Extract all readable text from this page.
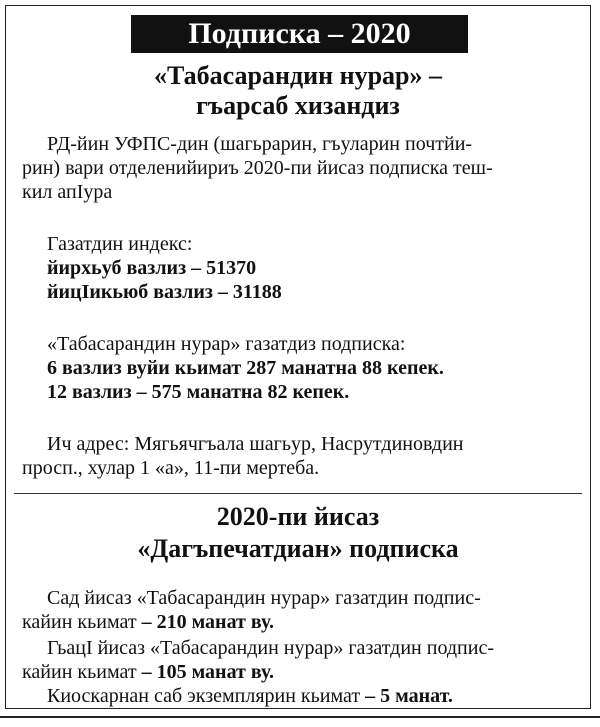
Подписка – 2020
«Табасарандин нурар» –
гъарсаб хизандиз
РД-йин УФПС-дин (шагьрарин, гъуларин почтйи-
рин) вари отделенийириъ 2020-пи йисаз подписка теш-
кил апIура
Газатдин индекс:
йирхьуб вазлиз – 51370
йицIикьюб вазлиз – 31188
«Табасарандин нурар» газатдиз подписка:
6 вазлиз вуйи кьимат 287 манатна 88 кепек.
12 вазлиз – 575 манатна 82 кепек.
Ич адрес: Мягьячгъала шагьур, Насрутдиновдин
просп., хулар 1 «а», 11-пи мертеба.
2020-пи йисаз
«Дагъпечатдиан» подписка
Сад йисаз «Табасарандин нурар» газатдин подпис-
кайин кьимат – 210 манат ву.
ГьацI йисаз «Табасарандин нурар» газатдин подпис-
кайин кьимат – 105 манат ву.
Киоскарнан саб экземплярин кьимат – 5 манат.
